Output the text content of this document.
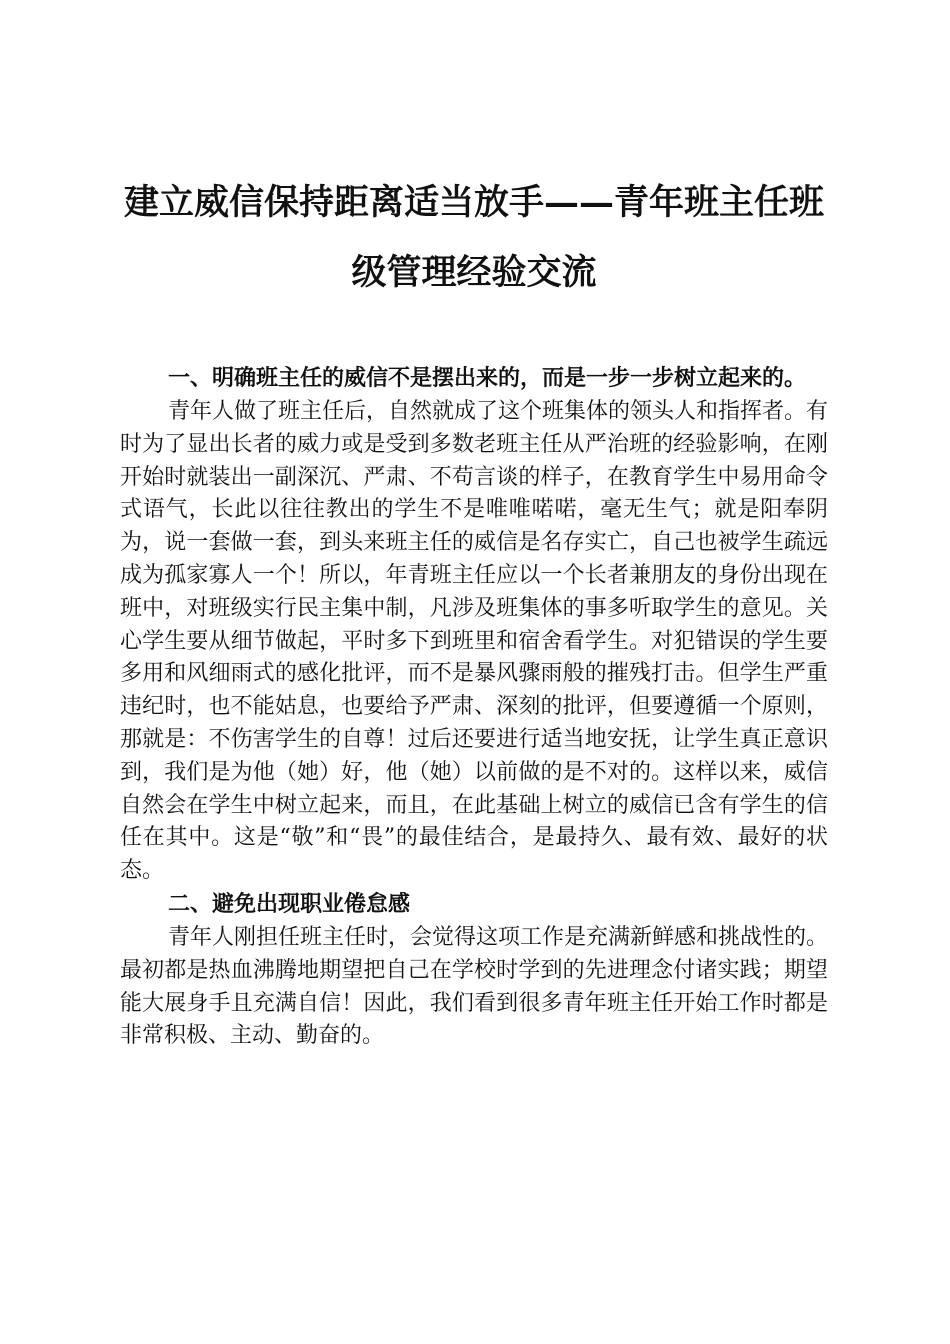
建立威信保持距离适当放手——青年班主任班
级管理经验交流

一、明确班主任的威信不是摆出来的，而是一步一步树立起来的。

青年人做了班主任后，自然就成了这个班集体的领头人和指挥者。有时为了显出长者的威力或是受到多数老班主任从严治班的经验影响，在刚开始时就装出一副深沉、严肃、不苟言谈的样子，在教育学生中易用命令式语气，长此以往往教出的学生不是唯唯喏喏，毫无生气；就是阳奉阴为，说一套做一套，到头来班主任的威信是名存实亡，自己也被学生疏远成为孤家寡人一个！所以，年青班主任应以一个长者兼朋友的身份出现在班中，对班级实行民主集中制，凡涉及班集体的事多听取学生的意见。关心学生要从细节做起，平时多下到班里和宿舍看学生。对犯错误的学生要多用和风细雨式的感化批评，而不是暴风骤雨般的摧残打击。但学生严重违纪时，也不能姑息，也要给予严肃、深刻的批评，但要遵循一个原则，那就是：不伤害学生的自尊！过后还要进行适当地安抚，让学生真正意识到，我们是为他（她）好，他（她）以前做的是不对的。这样以来，威信自然会在学生中树立起来，而且，在此基础上树立的威信已含有学生的信任在其中。这是“敬”和“畏”的最佳结合，是最持久、最有效、最好的状态。

二、避免出现职业倦怠感

青年人刚担任班主任时，会觉得这项工作是充满新鲜感和挑战性的。最初都是热血沸腾地期望把自己在学校时学到的先进理念付诸实践；期望能大展身手且充满自信！因此，我们看到很多青年班主任开始工作时都是非常积极、主动、勤奋的。
